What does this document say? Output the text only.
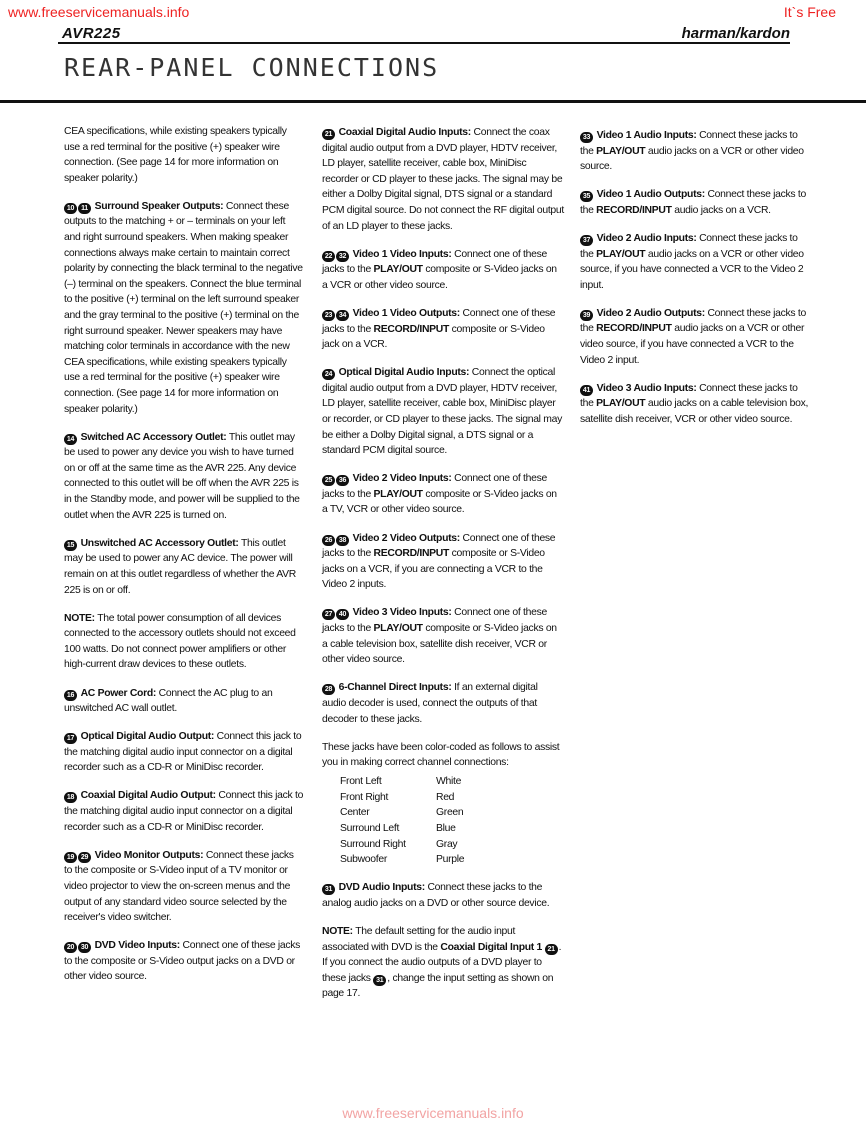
www.freeservicemanuals.info	It`s Free
AVR225	harman/kardon
REAR-PANEL CONNECTIONS

CEA specifications, while existing speakers typically use a red terminal for the positive (+) speaker wire connection. (See page 14 for more information on speaker polarity.)

10 11 Surround Speaker Outputs: Connect these outputs to the matching + or – terminals on your left and right surround speakers. When making speaker connections always make certain to maintain correct polarity by connecting the black terminal to the negative (–) terminal on the speakers. Connect the blue terminal to the positive (+) terminal on the left surround speaker and the gray terminal to the positive (+) terminal on the right surround speaker. Newer speakers may have matching color terminals in accordance with the new CEA specifications, while existing speakers typically use a red terminal for the positive (+) speaker wire connection. (See page 14 for more information on speaker polarity.)

14 Switched AC Accessory Outlet: This outlet may be used to power any device you wish to have turned on or off at the same time as the AVR 225. Any device connected to this outlet will be off when the AVR 225 is in the Standby mode, and power will be supplied to the outlet when the AVR 225 is turned on.

15 Unswitched AC Accessory Outlet: This outlet may be used to power any AC device. The power will remain on at this outlet regardless of whether the AVR 225 is on or off.

NOTE: The total power consumption of all devices connected to the accessory outlets should not exceed 100 watts. Do not connect power amplifiers or other high-current draw devices to these outlets.

16 AC Power Cord: Connect the AC plug to an unswitched AC wall outlet.

17 Optical Digital Audio Output: Connect this jack to the matching digital audio input connector on a digital recorder such as a CD-R or MiniDisc recorder.

18 Coaxial Digital Audio Output: Connect this jack to the matching digital audio input connector on a digital recorder such as a CD-R or MiniDisc recorder.

19 29 Video Monitor Outputs: Connect these jacks to the composite or S-Video input of a TV monitor or video projector to view the on-screen menus and the output of any standard video source selected by the receiver's video switcher.

20 30 DVD Video Inputs: Connect one of these jacks to the composite or S-Video output jacks on a DVD or other video source.

21 Coaxial Digital Audio Inputs: Connect the coax digital audio output from a DVD player, HDTV receiver, LD player, satellite receiver, cable box, MiniDisc recorder or CD player to these jacks. The signal may be either a Dolby Digital signal, DTS signal or a standard PCM digital source. Do not connect the RF digital output of an LD player to these jacks.

22 32 Video 1 Video Inputs: Connect one of these jacks to the PLAY/OUT composite or S-Video jacks on a VCR or other video source.

23 34 Video 1 Video Outputs: Connect one of these jacks to the RECORD/INPUT composite or S-Video jack on a VCR.

24 Optical Digital Audio Inputs: Connect the optical digital audio output from a DVD player, HDTV receiver, LD player, satellite receiver, cable box, MiniDisc player or recorder, or CD player to these jacks. The signal may be either a Dolby Digital signal, a DTS signal or a standard PCM digital source.

25 36 Video 2 Video Inputs: Connect one of these jacks to the PLAY/OUT composite or S-Video jacks on a TV, VCR or other video source.

26 38 Video 2 Video Outputs: Connect one of these jacks to the RECORD/INPUT composite or S-Video jacks on a VCR, if you are connecting a VCR to the Video 2 inputs.

27 40 Video 3 Video Inputs: Connect one of these jacks to the PLAY/OUT composite or S-Video jacks on a cable television box, satellite dish receiver, VCR or other video source.

28 6-Channel Direct Inputs: If an external digital audio decoder is used, connect the outputs of that decoder to these jacks.

These jacks have been color-coded as follows to assist you in making correct channel connections:

Front Left	White
Front Right	Red
Center	Green
Surround Left	Blue
Surround Right	Gray
Subwoofer	Purple

31 DVD Audio Inputs: Connect these jacks to the analog audio jacks on a DVD or other source device.

NOTE: The default setting for the audio input associated with DVD is the Coaxial Digital Input 1 21 . If you connect the audio outputs of a DVD player to these jacks 31 , change the input setting as shown on page 17.

33 Video 1 Audio Inputs: Connect these jacks to the PLAY/OUT audio jacks on a VCR or other video source.

35 Video 1 Audio Outputs: Connect these jacks to the RECORD/INPUT audio jacks on a VCR.

37 Video 2 Audio Inputs: Connect these jacks to the PLAY/OUT audio jacks on a VCR or other video source, if you have connected a VCR to the Video 2 input.

39 Video 2 Audio Outputs: Connect these jacks to the RECORD/INPUT audio jacks on a VCR or other video source, if you have connected a VCR to the Video 2 input.

41 Video 3 Audio Inputs: Connect these jacks to the PLAY/OUT audio jacks on a cable television box, satellite dish receiver, VCR or other video source.

www.freeservicemanuals.info
